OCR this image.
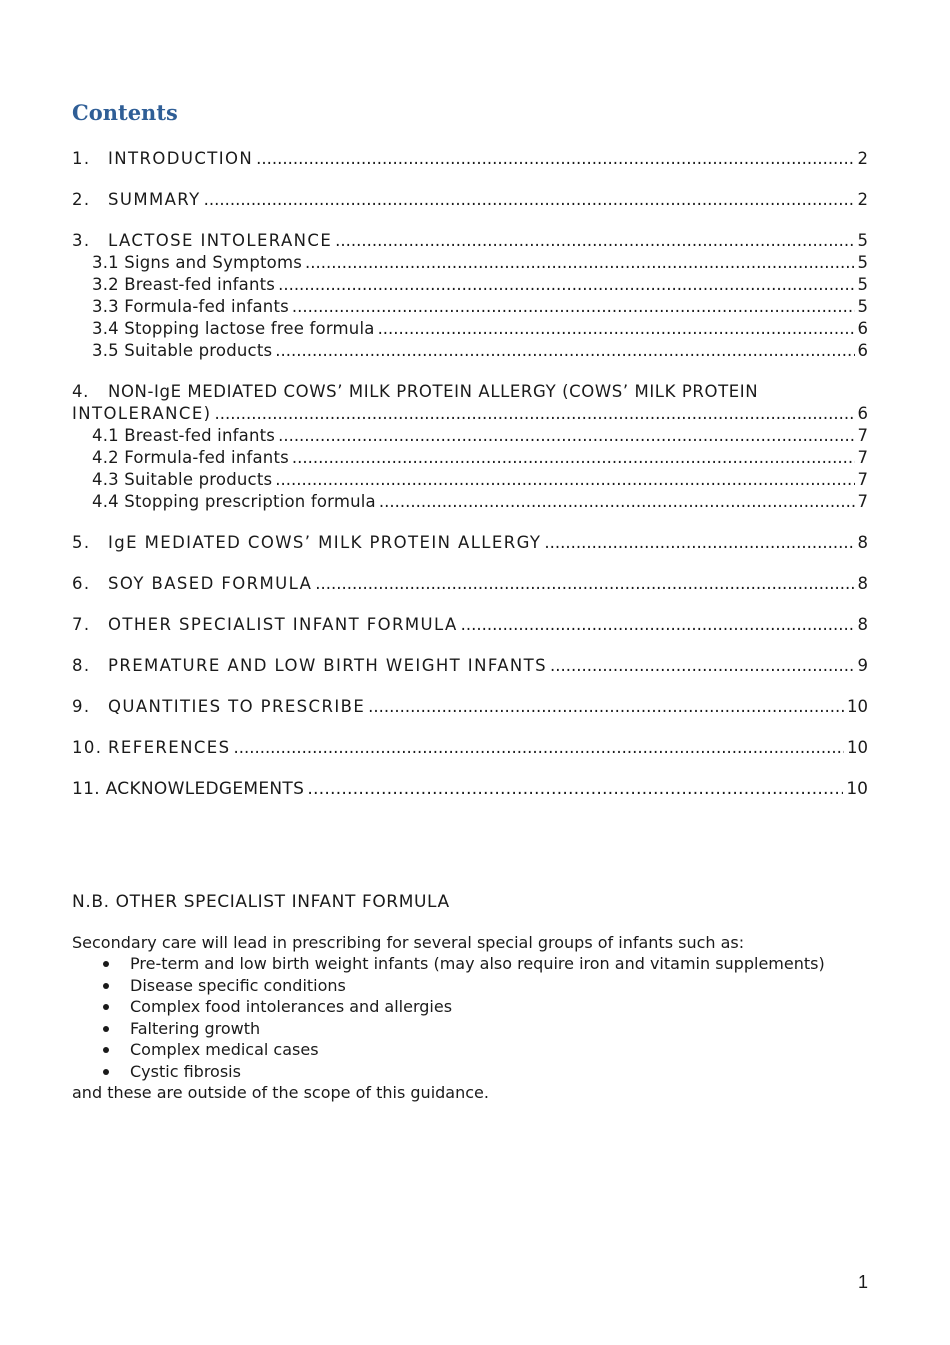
Contents
1.	INTRODUCTION .....	2
2.	SUMMARY .....	2
3.	LACTOSE INTOLERANCE .....	5
3.1 Signs and Symptoms .....	5
3.2 Breast-fed infants .....	5
3.3 Formula-fed infants .....	5
3.4 Stopping lactose free formula .....	6
3.5 Suitable products .....	6
4.	NON-IgE MEDIATED COWS’ MILK PROTEIN ALLERGY (COWS’ MILK PROTEIN
INTOLERANCE) .....	6
4.1 Breast-fed infants .....	7
4.2 Formula-fed infants .....	7
4.3 Suitable products .....	7
4.4 Stopping prescription formula .....	7
5.	IgE MEDIATED COWS’ MILK PROTEIN ALLERGY .....	8
6.	SOY BASED FORMULA .....	8
7.	OTHER SPECIALIST INFANT FORMULA .....	8
8.	PREMATURE AND LOW BIRTH WEIGHT INFANTS .....	9
9.	QUANTITIES TO PRESCRIBE .....	10
10. REFERENCES .....	10
11. ACKNOWLEDGEMENTS …………………………………………………………………………………………………………………………………	10
N.B. OTHER SPECIALIST INFANT FORMULA

Secondary care will lead in prescribing for several special groups of infants such as:

Pre-term and low birth weight infants (may also require iron and vitamin supplements)
Disease specific conditions
Complex food intolerances and allergies
Faltering growth
Complex medical cases
Cystic fibrosis

and these are outside of the scope of this guidance.

1
